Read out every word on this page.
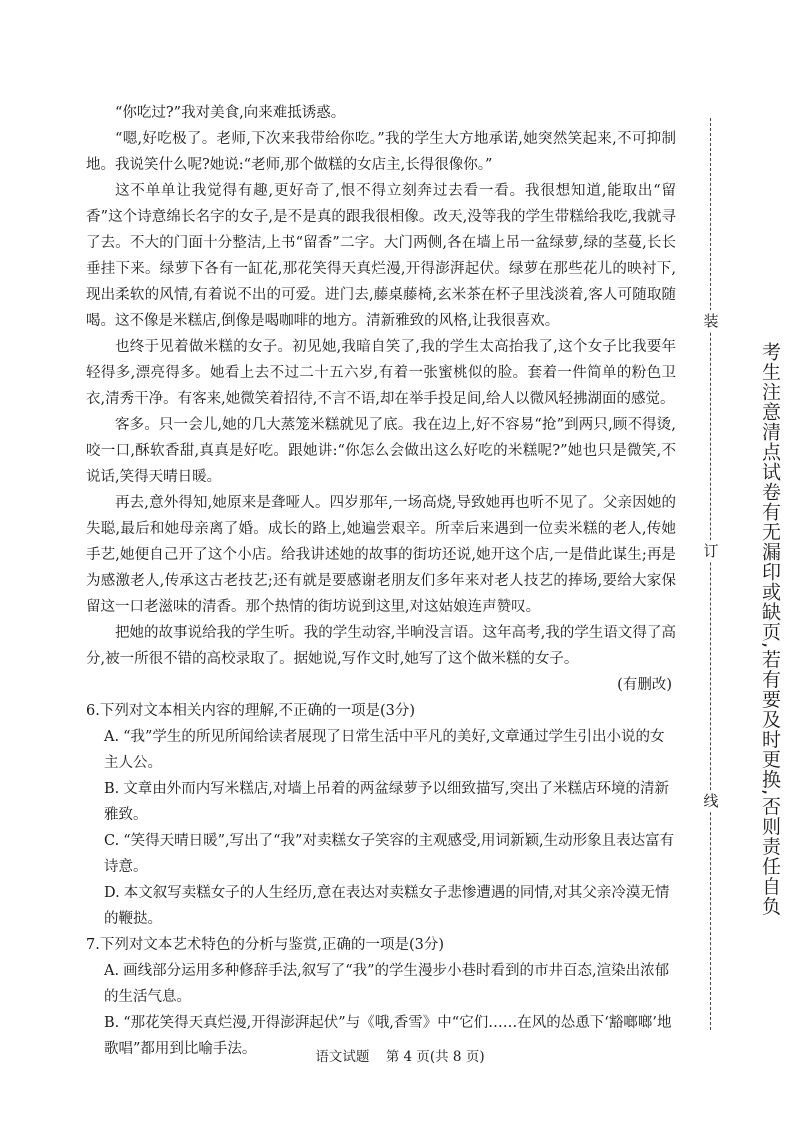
“你吃过?”我对美食,向来难抵诱惑。

“嗯,好吃极了。老师,下次来我带给你吃。”我的学生大方地承诺,她突然笑起来,不可抑制地。我说笑什么呢?她说:“老师,那个做糕的女店主,长得很像你。”

这不单单让我觉得有趣,更好奇了,恨不得立刻奔过去看一看。我很想知道,能取出“留香”这个诗意绵长名字的女子,是不是真的跟我很相像。改天,没等我的学生带糕给我吃,我就寻了去。不大的门面十分整洁,上书“留香”二字。大门两侧,各在墙上吊一盆绿萝,绿的茎蔓,长长垂挂下来。绿萝下各有一缸花,那花笑得天真烂漫,开得澎湃起伏。绿萝在那些花儿的映衬下,现出柔软的风情,有着说不出的可爱。进门去,藤桌藤椅,玄米茶在杯子里浅淡着,客人可随取随喝。这不像是米糕店,倒像是喝咖啡的地方。清新雅致的风格,让我很喜欢。

也终于见着做米糕的女子。初见她,我暗自笑了,我的学生太高抬我了,这个女子比我要年轻得多,漂亮得多。她看上去不过二十五六岁,有着一张蜜桃似的脸。套着一件简单的粉色卫衣,清秀干净。有客来,她微笑着招待,不言不语,却在举手投足间,给人以微风轻拂湖面的感觉。

客多。只一会儿,她的几大蒸笼米糕就见了底。我在边上,好不容易“抢”到两只,顾不得烫,咬一口,酥软香甜,真真是好吃。跟她讲:“你怎么会做出这么好吃的米糕呢?”她也只是微笑,不说话,笑得天晴日暖。

再去,意外得知,她原来是聋哑人。四岁那年,一场高烧,导致她再也听不见了。父亲因她的失聪,最后和她母亲离了婚。成长的路上,她遍尝艰辛。所幸后来遇到一位卖米糕的老人,传她手艺,她便自己开了这个小店。给我讲述她的故事的街坊还说,她开这个店,一是借此谋生;再是为感激老人,传承这古老技艺;还有就是要感谢老朋友们多年来对老人技艺的捧场,要给大家保留这一口老滋味的清香。那个热情的街坊说到这里,对这姑娘连声赞叹。

把她的故事说给我的学生听。我的学生动容,半晌没言语。这年高考,我的学生语文得了高分,被一所很不错的高校录取了。据她说,写作文时,她写了这个做米糕的女子。

(有删改)

6.下列对文本相关内容的理解,不正确的一项是(3分)

A. “我”学生的所见所闻给读者展现了日常生活中平凡的美好,文章通过学生引出小说的女主人公。

B. 文章由外而内写米糕店,对墙上吊着的两盆绿萝予以细致描写,突出了米糕店环境的清新雅致。

C. “笑得天晴日暖”,写出了“我”对卖糕女子笑容的主观感受,用词新颖,生动形象且表达富有诗意。

D. 本文叙写卖糕女子的人生经历,意在表达对卖糕女子悲惨遭遇的同情,对其父亲冷漠无情的鞭挞。

7.下列对文本艺术特色的分析与鉴赏,正确的一项是(3分)

A. 画线部分运用多种修辞手法,叙写了“我”的学生漫步小巷时看到的市井百态,渲染出浓郁的生活气息。

B. “那花笑得天真烂漫,开得澎湃起伏”与《哦,香雪》中“它们……在风的怂恿下‘豁啷啷’地歌唱”都用到比喻手法。

装
订
线 考生注意清点试卷有无漏印或缺页,若有要及时更换,否则责任自负
语文试题 第 4 页(共 8 页)
